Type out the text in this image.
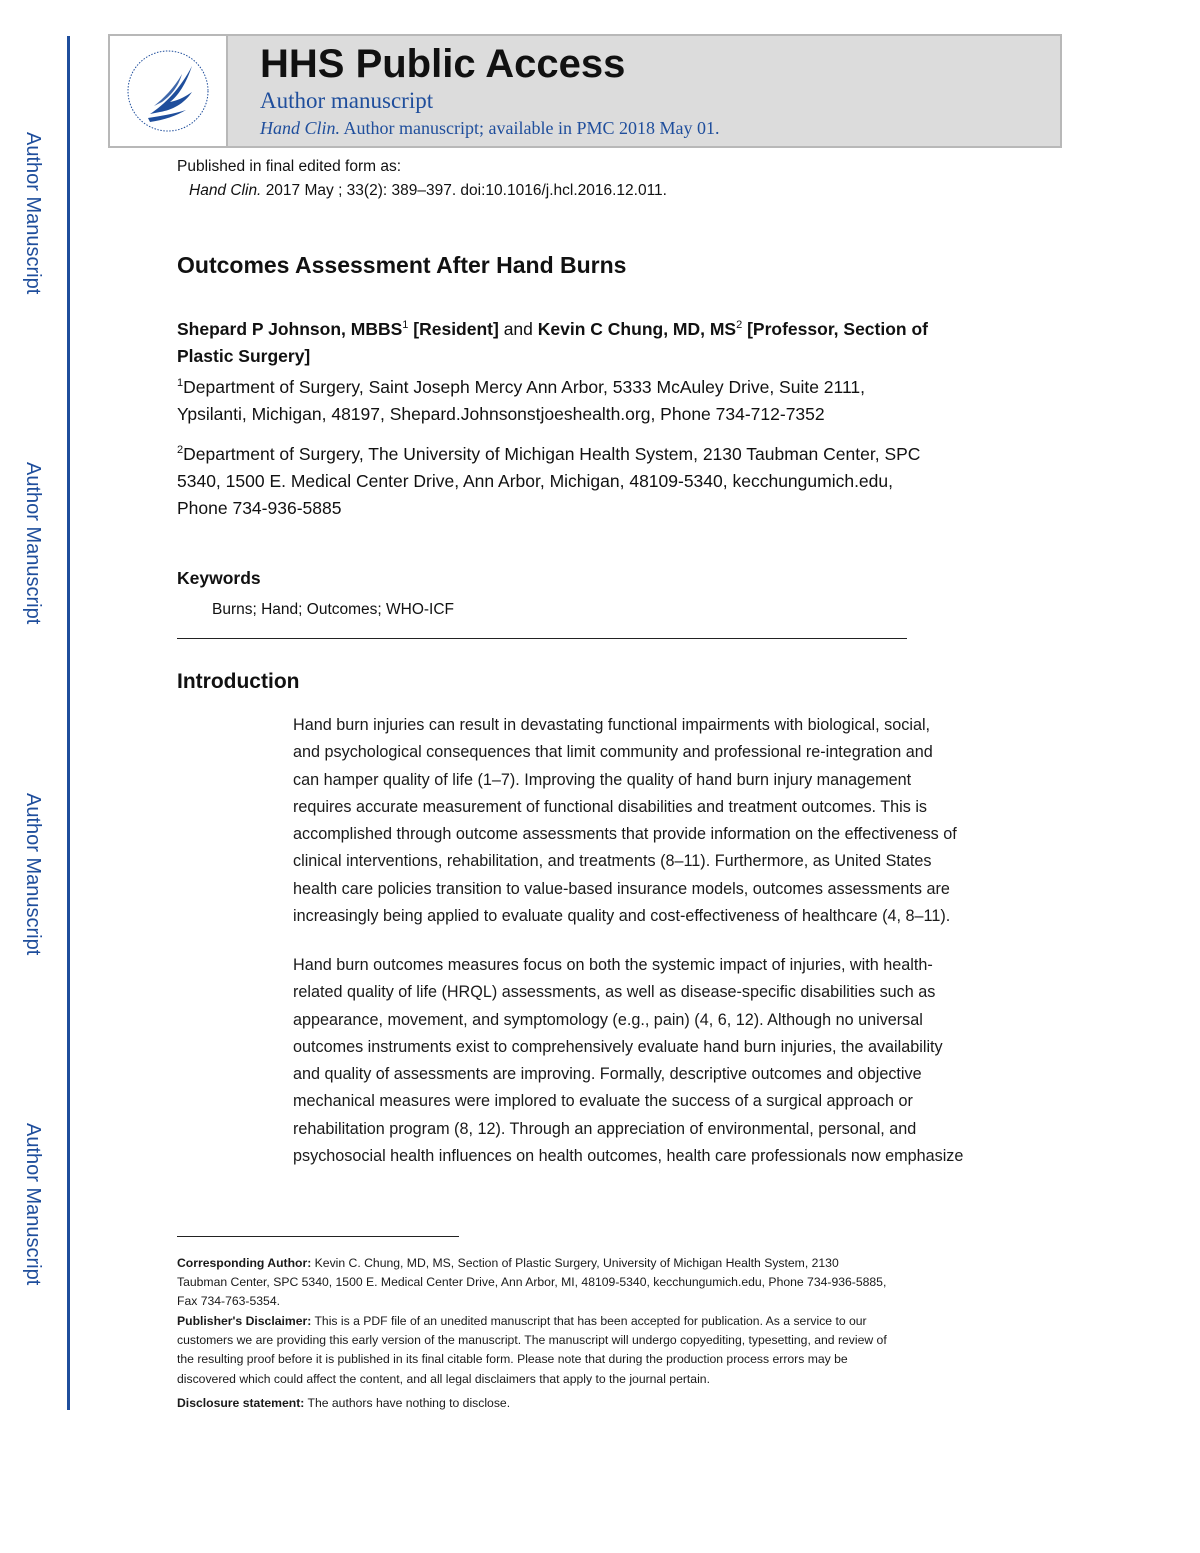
Author Manuscript
Author Manuscript
Author Manuscript
Author Manuscript
HHS Public Access
Author manuscript
Hand Clin. Author manuscript; available in PMC 2018 May 01.
Published in final edited form as:
Hand Clin. 2017 May ; 33(2): 389–397. doi:10.1016/j.hcl.2016.12.011.
Outcomes Assessment After Hand Burns
Shepard P Johnson, MBBS$^1$ [Resident] and Kevin C Chung, MD, $MS^2$ [Professor, Section of
Plastic Surgery]
$^1$Department of Surgery, Saint Joseph Mercy Ann Arbor, 5333 McAuley Drive, Suite 2111,
Ypsilanti, Michigan, 48197, Shepard.Johnsonstjoeshealth.org, Phone 734-712-7352
$^2$Department of Surgery, The University of Michigan Health System, 2130 Taubman Center, SPC
5340, 1500 E. Medical Center Drive, Ann Arbor, Michigan, 48109-5340, kecchungumich.edu,
Phone 734-936-5885
Keywords
Burns; Hand; Outcomes; WHO-ICF
Introduction
Hand burn injuries can result in devastating functional impairments with biological, social,
and psychological consequences that limit community and professional re-integration and
can hamper quality of life (1–7). Improving the quality of hand burn injury management
requires accurate measurement of functional disabilities and treatment outcomes. This is
accomplished through outcome assessments that provide information on the effectiveness of
clinical interventions, rehabilitation, and treatments (8–11). Furthermore, as United States
health care policies transition to value-based insurance models, outcomes assessments are
increasingly being applied to evaluate quality and cost-effectiveness of healthcare (4, 8–11).
Hand burn outcomes measures focus on both the systemic impact of injuries, with health-
related quality of life (HRQL) assessments, as well as disease-specific disabilities such as
appearance, movement, and symptomology (e.g., pain) (4, 6, 12). Although no universal
outcomes instruments exist to comprehensively evaluate hand burn injuries, the availability
and quality of assessments are improving. Formally, descriptive outcomes and objective
mechanical measures were implored to evaluate the success of a surgical approach or
rehabilitation program (8, 12). Through an appreciation of environmental, personal, and
psychosocial health influences on health outcomes, health care professionals now emphasize
Corresponding Author: Kevin C. Chung, MD, MS, Section of Plastic Surgery, University of Michigan Health System, 2130
Taubman Center, SPC 5340, 1500 E. Medical Center Drive, Ann Arbor, MI, 48109-5340, kecchungumich.edu, Phone 734-936-5885,
Fax 734-763-5354.
Publisher's Disclaimer: This is a PDF file of an unedited manuscript that has been accepted for publication. As a service to our
customers we are providing this early version of the manuscript. The manuscript will undergo copyediting, typesetting, and review of
the resulting proof before it is published in its final citable form. Please note that during the production process errors may be
discovered which could affect the content, and all legal disclaimers that apply to the journal pertain.
Disclosure statement: The authors have nothing to disclose.
